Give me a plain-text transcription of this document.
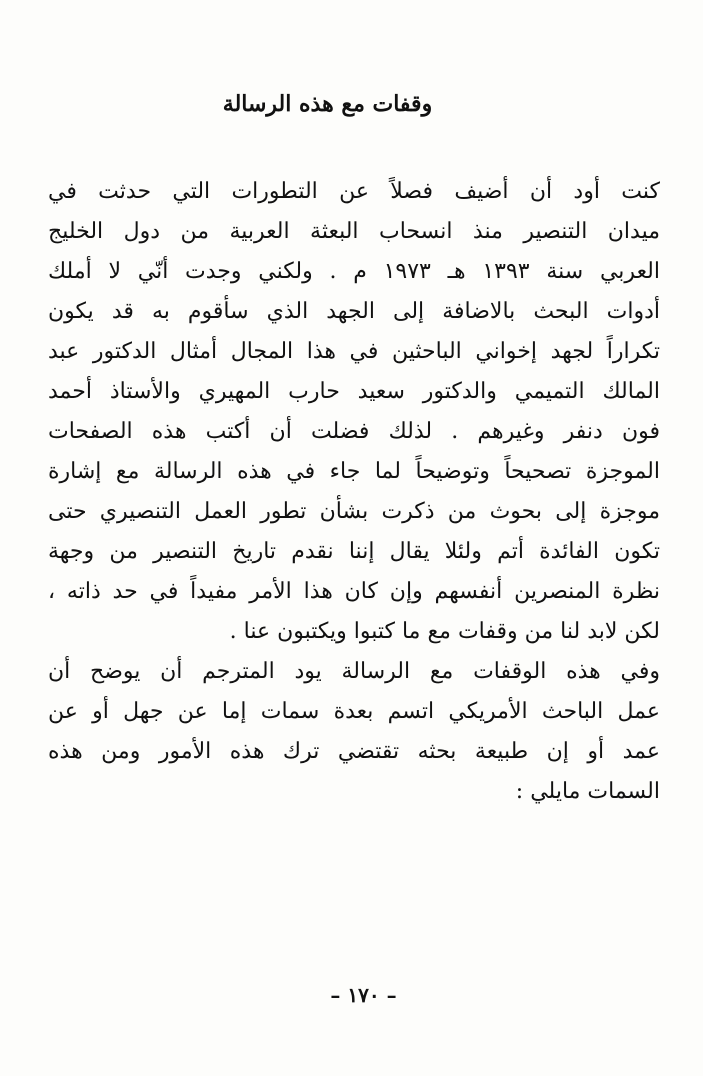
وقفات مع هذه الرسالة
كنت أود أن أضيف فصلاً عن التطورات التي حدثت في
ميدان التنصير منذ انسحاب البعثة العربية من دول الخليج
العربي سنة ١٣٩٣ هـ ١٩٧٣ م . ولكني وجدت أنّي لا أملك
أدوات البحث بالاضافة إلى الجهد الذي سأقوم به قد يكون
تكراراً لجهد إخواني الباحثين في هذا المجال أمثال الدكتور عبد
المالك التميمي والدكتور سعيد حارب المهيري والأستاذ أحمد
فون دنفر وغيرهم . لذلك فضلت أن أكتب هذه الصفحات
الموجزة تصحيحاً وتوضيحاً لما جاء في هذه الرسالة مع إشارة
موجزة إلى بحوث من ذكرت بشأن تطور العمل التنصيري حتى
تكون الفائدة أتم ولئلا يقال إننا نقدم تاريخ التنصير من وجهة
نظرة المنصرين أنفسهم وإن كان هذا الأمر مفيداً في حد ذاته ،
لكن لابد لنا من وقفات مع ما كتبوا ويكتبون عنا .
وفي هذه الوقفات مع الرسالة يود المترجم أن يوضح أن
عمل الباحث الأمريكي اتسم بعدة سمات إما عن جهل أو عن
عمد أو إن طبيعة بحثه تقتضي ترك هذه الأمور ومن هذه
السمات مايلي :
– ١٧٠ –
